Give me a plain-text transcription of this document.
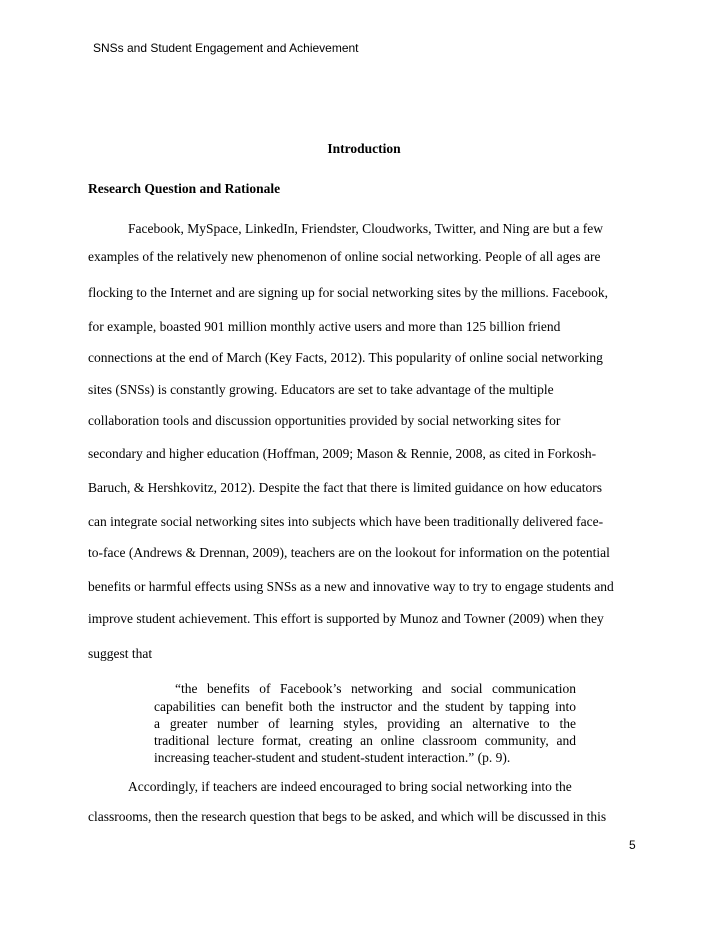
SNSs and Student Engagement and Achievement
Introduction
Research Question and Rationale
Facebook, MySpace, LinkedIn, Friendster, Cloudworks, Twitter, and Ning are but a few
examples of the relatively new phenomenon of online social networking. People of all ages are
flocking to the Internet and are signing up for social networking sites by the millions. Facebook,
for example, boasted 901 million monthly active users and more than 125 billion friend
connections at the end of March (Key Facts, 2012). This popularity of online social networking
sites (SNSs) is constantly growing. Educators are set to take advantage of the multiple
collaboration tools and discussion opportunities provided by social networking sites for
secondary and higher education (Hoffman, 2009; Mason & Rennie, 2008, as cited in Forkosh-
Baruch, & Hershkovitz, 2012). Despite the fact that there is limited guidance on how educators
can integrate social networking sites into subjects which have been traditionally delivered face-
to-face (Andrews & Drennan, 2009), teachers are on the lookout for information on the potential
benefits or harmful effects using SNSs as a new and innovative way to try to engage students and
improve student achievement. This effort is supported by Munoz and Towner (2009) when they
suggest that
“the benefits of Facebook’s networking and social communication
capabilities can benefit both the instructor and the student by tapping into
a greater number of learning styles, providing an alternative to the
traditional lecture format, creating an online classroom community, and
increasing teacher-student and student-student interaction.” (p. 9).
Accordingly, if teachers are indeed encouraged to bring social networking into the
classrooms, then the research question that begs to be asked, and which will be discussed in this
5
